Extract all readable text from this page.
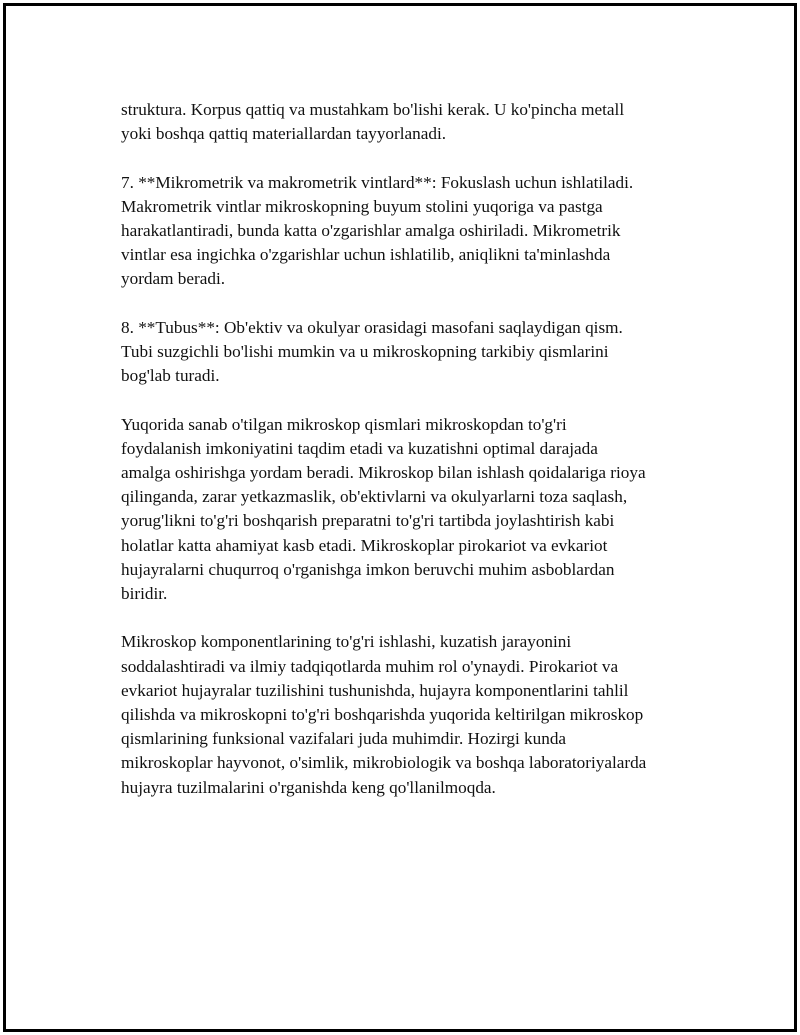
struktura. Korpus qattiq va mustahkam bo'lishi kerak. U ko'pincha metall
yoki boshqa qattiq materiallardan tayyorlanadi.

7. **Mikrometrik va makrometrik vintlard**: Fokuslash uchun ishlatiladi.
Makrometrik vintlar mikroskopning buyum stolini yuqoriga va pastga
harakatlantiradi, bunda katta o'zgarishlar amalga oshiriladi. Mikrometrik
vintlar esa ingichka o'zgarishlar uchun ishlatilib, aniqlikni ta'minlashda
yordam beradi.

8. **Tubus**: Ob'ektiv va okulyar orasidagi masofani saqlaydigan qism.
Tubi suzgichli bo'lishi mumkin va u mikroskopning tarkibiy qismlarini
bog'lab turadi.

Yuqorida sanab o'tilgan mikroskop qismlari mikroskopdan to'g'ri
foydalanish imkoniyatini taqdim etadi va kuzatishni optimal darajada
amalga oshirishga yordam beradi. Mikroskop bilan ishlash qoidalariga rioya
qilinganda, zarar yetkazmaslik, ob'ektivlarni va okulyarlarni toza saqlash,
yorug'likni to'g'ri boshqarish preparatni to'g'ri tartibda joylashtirish kabi
holatlar katta ahamiyat kasb etadi. Mikroskoplar pirokariot va evkariot
hujayralarni chuqurroq o'rganishga imkon beruvchi muhim asboblardan
biridir.

Mikroskop komponentlarining to'g'ri ishlashi, kuzatish jarayonini
soddalashtiradi va ilmiy tadqiqotlarda muhim rol o'ynaydi. Pirokariot va
evkariot hujayralar tuzilishini tushunishda, hujayra komponentlarini tahlil
qilishda va mikroskopni to'g'ri boshqarishda yuqorida keltirilgan mikroskop
qismlarining funksional vazifalari juda muhimdir. Hozirgi kunda
mikroskoplar hayvonot, o'simlik, mikrobiologik va boshqa laboratoriyalarda
hujayra tuzilmalarini o'rganishda keng qo'llanilmoqda.
